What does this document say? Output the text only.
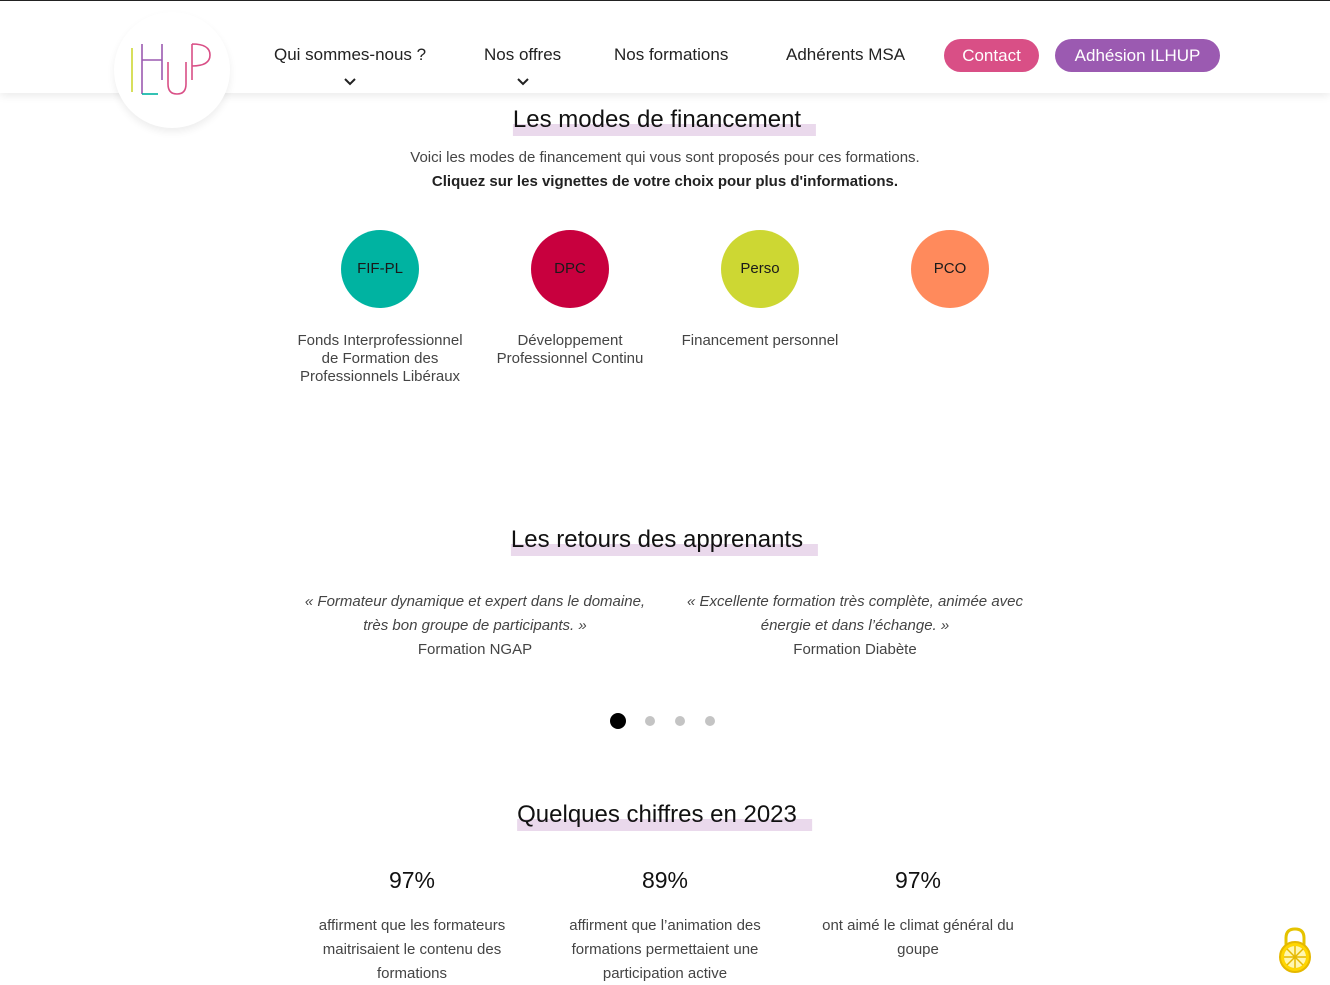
Qui sommes-nous ?	Nos offres	Nos formations	Adhérents MSA	Contact	Adhésion ILHUP
Les modes de financement
Voici les modes de financement qui vous sont proposés pour ces formations.
Cliquez sur les vignettes de votre choix pour plus d'informations.
FIF-PL
Fonds Interprofessionnel de Formation des Professionnels Libéraux
DPC
Développement Professionnel Continu
Perso
Financement personnel
PCO
Les retours des apprenants
« Formateur dynamique et expert dans le domaine, très bon groupe de participants. »
Formation NGAP
« Excellente formation très complète, animée avec énergie et dans l’échange. »
Formation Diabète
Quelques chiffres en 2023
97%
affirment que les formateurs maitrisaient le contenu des formations
89%
affirment que l’animation des formations permettaient une participation active
97%
ont aimé le climat général du goupe
